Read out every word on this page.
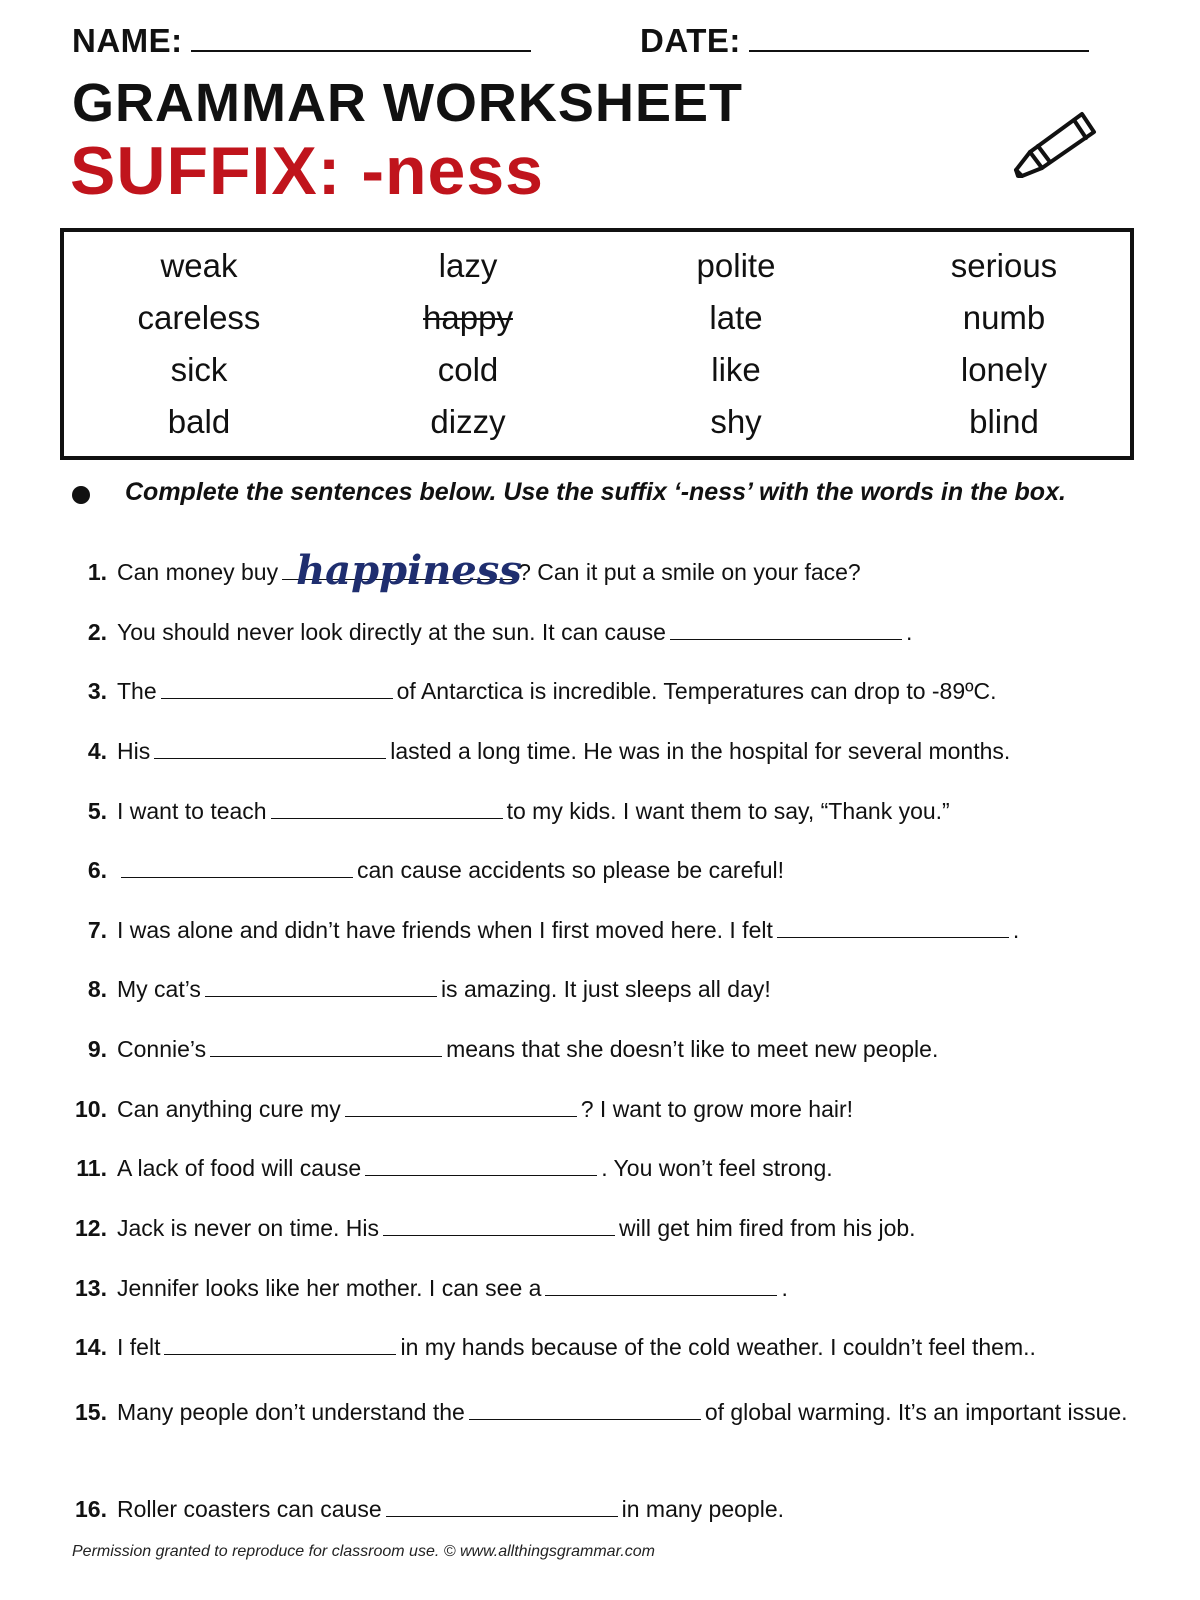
NAME:	DATE:
GRAMMAR WORKSHEET
SUFFIX: -ness
weak	lazy	polite	serious
careless	happy	late	numb
sick	cold	like	lonely
bald	dizzy	shy	blind
Complete the sentences below. Use the suffix ‘-ness’ with the words in the box.
1. Can money buy happiness
? Can it put a smile on your face?
2. You should never look directly at the sun. It can cause	.
3. The	of Antarctica is incredible. Temperatures can drop to -89ºC.
4. His	lasted a long time. He was in the hospital for several months.
5. I want to teach	to my kids. I want them to say, “Thank you.”
6.	can cause accidents so please be careful!
7. I was alone and didn’t have friends when I first moved here. I felt	.
8. My cat’s	is amazing. It just sleeps all day!
9. Connie’s	means that she doesn’t like to meet new people.
10. Can anything cure my	? I want to grow more hair!
11. A lack of food will cause	. You won’t feel strong.
12. Jack is never on time. His	will get him fired from his job.
13. Jennifer looks like her mother. I can see a	.
14. I felt	in my hands because of the cold weather. I couldn’t feel them..
15. Many people don’t understand the	of global warming. It’s an important issue.
16. Roller coasters can cause	in many people.
Permission granted to reproduce for classroom use. © www.allthingsgrammar.com
